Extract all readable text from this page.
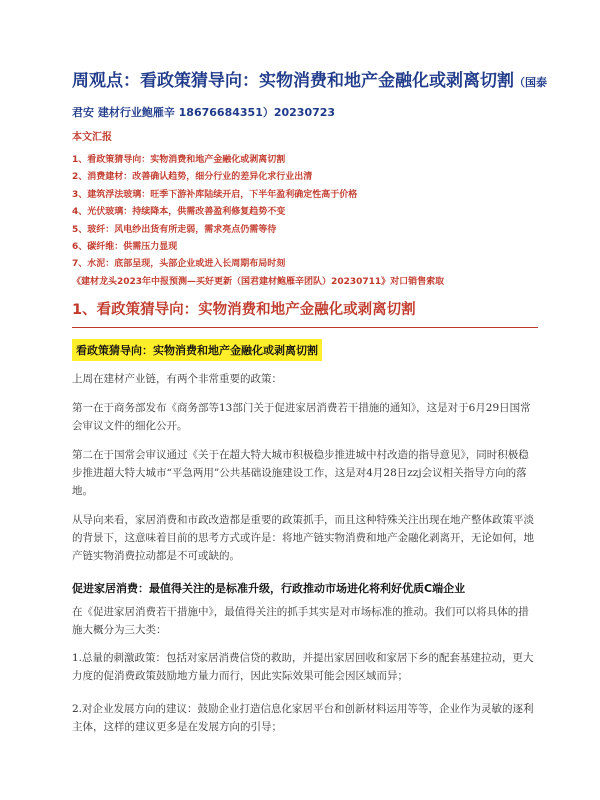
周观点：看政策猜导向：实物消费和地产金融化或剥离切割（国泰君安 建材行业鲍雁辛 18676684351）20230723
本文汇报
1、看政策猜导向：实物消费和地产金融化或剥离切割
2、消费建材：改善确认趋势，细分行业的差异化求行业出清
3、建筑浮法玻璃：旺季下游补库陆续开启，下半年盈利确定性高于价格
4、光伏玻璃：持续降本，供需改善盈利修复趋势不变
5、玻纤：风电纱出货有所走弱，需求亮点仍需等待
6、碳纤维：供需压力显现
7、水泥：底部呈现，头部企业或进入长周期布局时刻
《建材龙头2023年中报预测—买好更新（国君建材鲍雁辛团队）20230711》对口销售索取
1、看政策猜导向：实物消费和地产金融化或剥离切割
看政策猜导向：实物消费和地产金融化或剥离切割

上周在建材产业链，有两个非常重要的政策：

第一在于商务部发布《商务部等13部门关于促进家居消费若干措施的通知》，这是对于6月29日国常会审议文件的细化公开。

第二在于国常会审议通过《关于在超大特大城市积极稳步推进城中村改造的指导意见》，同时积极稳步推进超大特大城市“平急两用”公共基础设施建设工作，这是对4月28日zzj会议相关指导方向的落地。

从导向来看，家居消费和市政改造都是重要的政策抓手，而且这种特殊关注出现在地产整体政策平淡的背景下，这意味着目前的思考方式或许是：将地产链实物消费和地产金融化剥离开，无论如何，地产链实物消费拉动都是不可或缺的。

促进家居消费：最值得关注的是标准升级，行政推动市场进化将利好优质C端企业

在《促进家居消费若干措施中》，最值得关注的抓手其实是对市场标准的推动。我们可以将具体的措施大概分为三大类：

1.总量的刺激政策：包括对家居消费信贷的救助，并提出家居回收和家居下乡的配套基建拉动，更大力度的促消费政策鼓励地方量力而行，因此实际效果可能会因区域而异；

2.对企业发展方向的建议：鼓励企业打造信息化家居平台和创新材料运用等等，企业作为灵敏的逐利主体，这样的建议更多是在发展方向的引导；
